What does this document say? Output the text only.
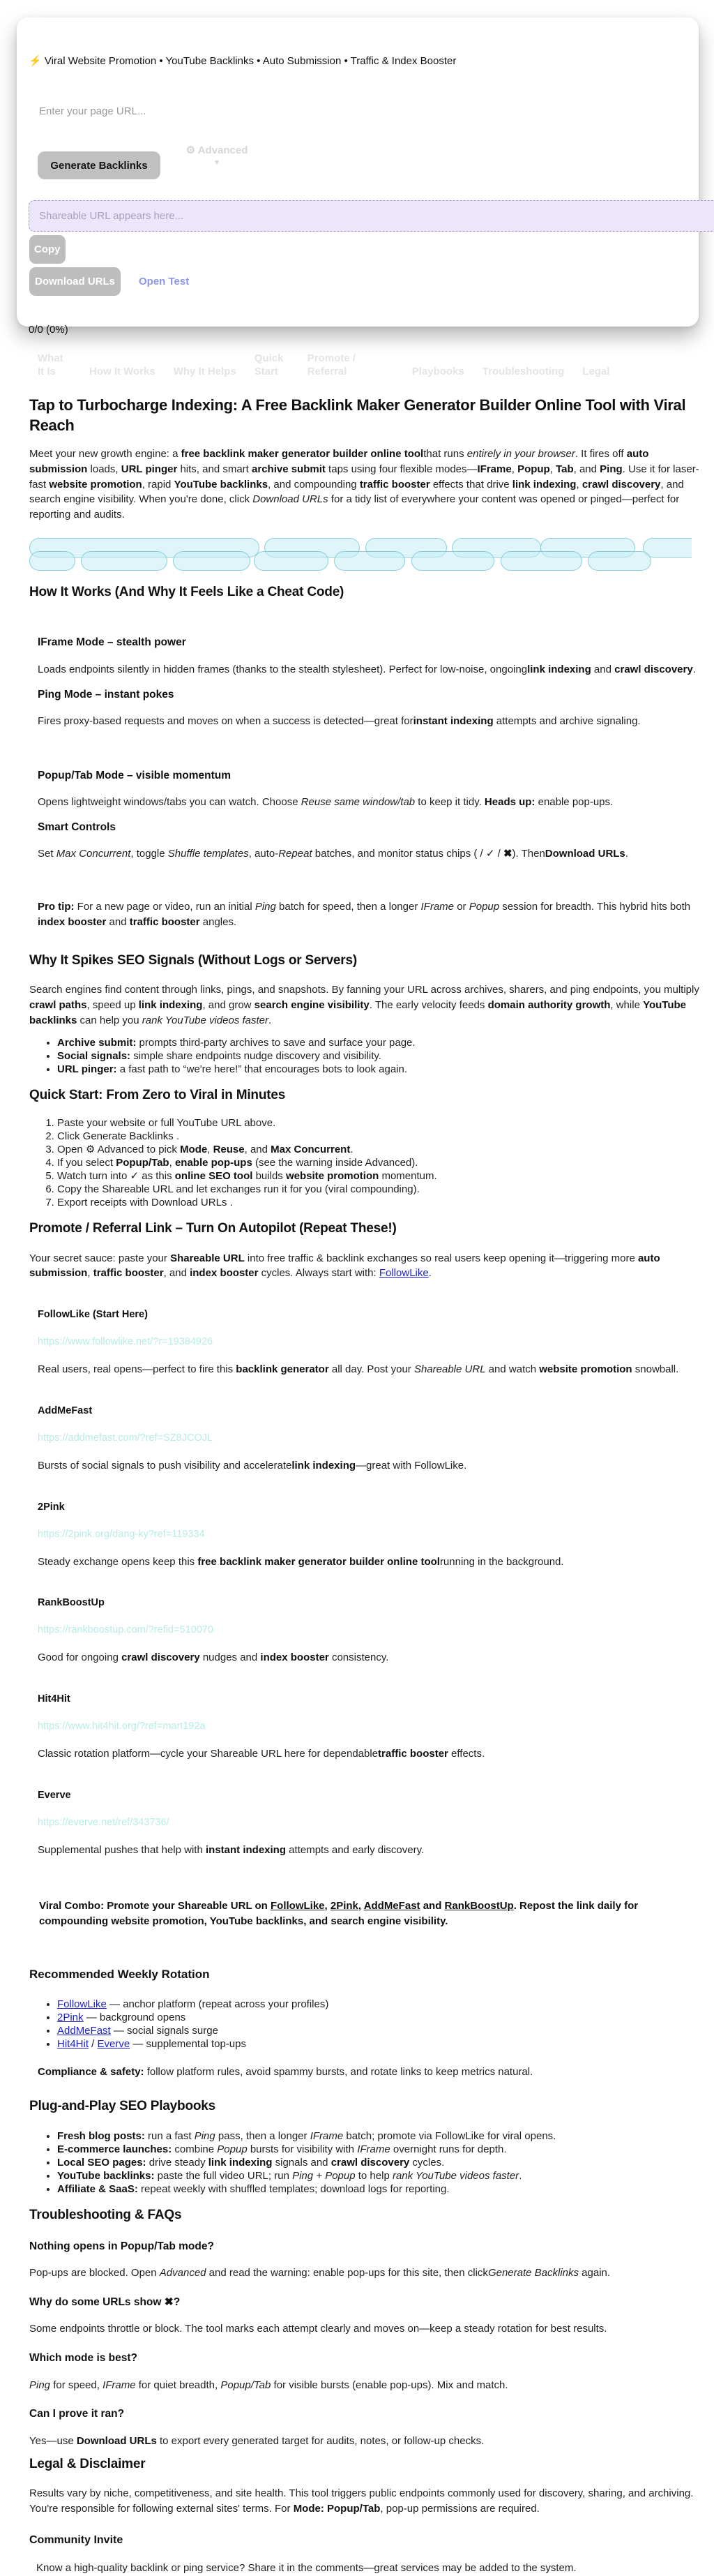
⚡ Viral Website Promotion • YouTube Backlinks • Auto Submission • Traffic & Index Booster
Enter your page URL...
Generate Backlinks
⚙ Advanced
▼
Shareable URL appears here...
Copy
Download URLs	Open Test
0/0 (0%)
What It Is	How It Works Why It Helps
Quick Start
Promote / Referral	Playbooks Troubleshooting Legal
Tap to Turbocharge Indexing: A Free Backlink Maker Generator Builder Online Tool with Viral Reach

Meet your new growth engine: a free backlink maker generator builder online toolthat runs entirely in your browser. It fires off auto submission loads, URL pinger hits, and smart archive submit taps using four flexible modes—IFrame, Popup, Tab, and Ping. Use it for laser-fast website promotion, rapid YouTube backlinks, and compounding traffic booster effects that drive link indexing, crawl discovery, and search engine visibility. When you're done, click Download URLs for a tidy list of everywhere your content was opened or pinged—perfect for reporting and audits.

How It Works (And Why It Feels Like a Cheat Code)
IFrame Mode – stealth power

Loads endpoints silently in hidden frames (thanks to the stealth stylesheet). Perfect for low-noise, ongoinglink indexing and crawl discovery.

Ping Mode – instant pokes

Fires proxy-based requests and moves on when a success is detected—great forinstant indexing attempts and archive signaling.

Popup/Tab Mode – visible momentum

Opens lightweight windows/tabs you can watch. Choose Reuse same window/tab to keep it tidy. Heads up: enable pop-ups.

Smart Controls

Set Max Concurrent, toggle Shuffle templates, auto-Repeat batches, and monitor status chips ( / ✓ / ✖). ThenDownload URLs.

Pro tip: For a new page or video, run an initial Ping batch for speed, then a longer IFrame or Popup session for breadth. This hybrid hits both index booster and traffic booster angles.

Why It Spikes SEO Signals (Without Logs or Servers)

Search engines find content through links, pings, and snapshots. By fanning your URL across archives, sharers, and ping endpoints, you multiply crawl paths, speed up link indexing, and grow search engine visibility. The early velocity feeds domain authority growth, while YouTube backlinks can help you rank YouTube videos faster.

• Archive submit: prompts third-party archives to save and surface your page.
• Social signals: simple share endpoints nudge discovery and visibility.
• URL pinger: a fast path to “we're here!” that encourages bots to look again.
Quick Start: From Zero to Viral in Minutes
1. Paste your website or full YouTube URL above.
2. Click Generate Backlinks .
3. Open ⚙ Advanced to pick Mode, Reuse, and Max Concurrent.
4. If you select Popup/Tab, enable pop-ups (see the warning inside Advanced).
5. Watch turn into ✓ as this online SEO tool builds website promotion momentum.
6. Copy the Shareable URL and let exchanges run it for you (viral compounding).
7. Export receipts with Download URLs .
Promote / Referral Link – Turn On Autopilot (Repeat These!)

Your secret sauce: paste your Shareable URL into free traffic & backlink exchanges so real users keep opening it—triggering more auto submission, traffic booster, and index booster cycles. Always start with: FollowLike.

FollowLike (Start Here)
https://www.followlike.net/?r=19384926

Real users, real opens—perfect to fire this backlink generator all day. Post your Shareable URL and watch website promotion snowball.

AddMeFast
https://addmefast.com/?ref=SZ8JCOJL

Bursts of social signals to push visibility and acceleratelink indexing—great with FollowLike.

2Pink
https://2pink.org/dang-ky?ref=119334

Steady exchange opens keep this free backlink maker generator builder online toolrunning in the background.

RankBoostUp
https://rankboostup.com/?refid=510070

Good for ongoing crawl discovery nudges and index booster consistency.

Hit4Hit
https://www.hit4hit.org/?ref=mart192a

Classic rotation platform—cycle your Shareable URL here for dependabletraffic booster effects.

Everve
https://everve.net/ref/343736/

Supplemental pushes that help with instant indexing attempts and early discovery.

Viral Combo: Promote your Shareable URL on FollowLike, 2Pink, AddMeFast and RankBoostUp. Repost the link daily for compounding website promotion, YouTube backlinks, and search engine visibility.

Recommended Weekly Rotation
• FollowLike — anchor platform (repeat across your profiles)
• 2Pink — background opens
• AddMeFast — social signals surge
• Hit4Hit / Everve — supplemental top-ups

Compliance & safety: follow platform rules, avoid spammy bursts, and rotate links to keep metrics natural.

Plug-and-Play SEO Playbooks
• Fresh blog posts: run a fast Ping pass, then a longer IFrame batch; promote via FollowLike for viral opens.
• E-commerce launches: combine Popup bursts for visibility with IFrame overnight runs for depth.
• Local SEO pages: drive steady link indexing signals and crawl discovery cycles.
• YouTube backlinks: paste the full video URL; run Ping + Popup to help rank YouTube videos faster.
• Affiliate & SaaS: repeat weekly with shuffled templates; download logs for reporting.
Troubleshooting & FAQs
Nothing opens in Popup/Tab mode?

Pop-ups are blocked. Open Advanced and read the warning: enable pop-ups for this site, then clickGenerate Backlinks again.

Why do some URLs show ✖?

Some endpoints throttle or block. The tool marks each attempt clearly and moves on—keep a steady rotation for best results.

Which mode is best?

Ping for speed, IFrame for quiet breadth, Popup/Tab for visible bursts (enable pop-ups). Mix and match.

Can I prove it ran?

Yes—use Download URLs to export every generated target for audits, notes, or follow-up checks.

Legal & Disclaimer

Results vary by niche, competitiveness, and site health. This tool triggers public endpoints commonly used for discovery, sharing, and archiving. You're responsible for following external sites' terms. For Mode: Popup/Tab, pop-up permissions are required.

Community Invite

Know a high-quality backlink or ping service? Share it in the comments—great services may be added to the system.
